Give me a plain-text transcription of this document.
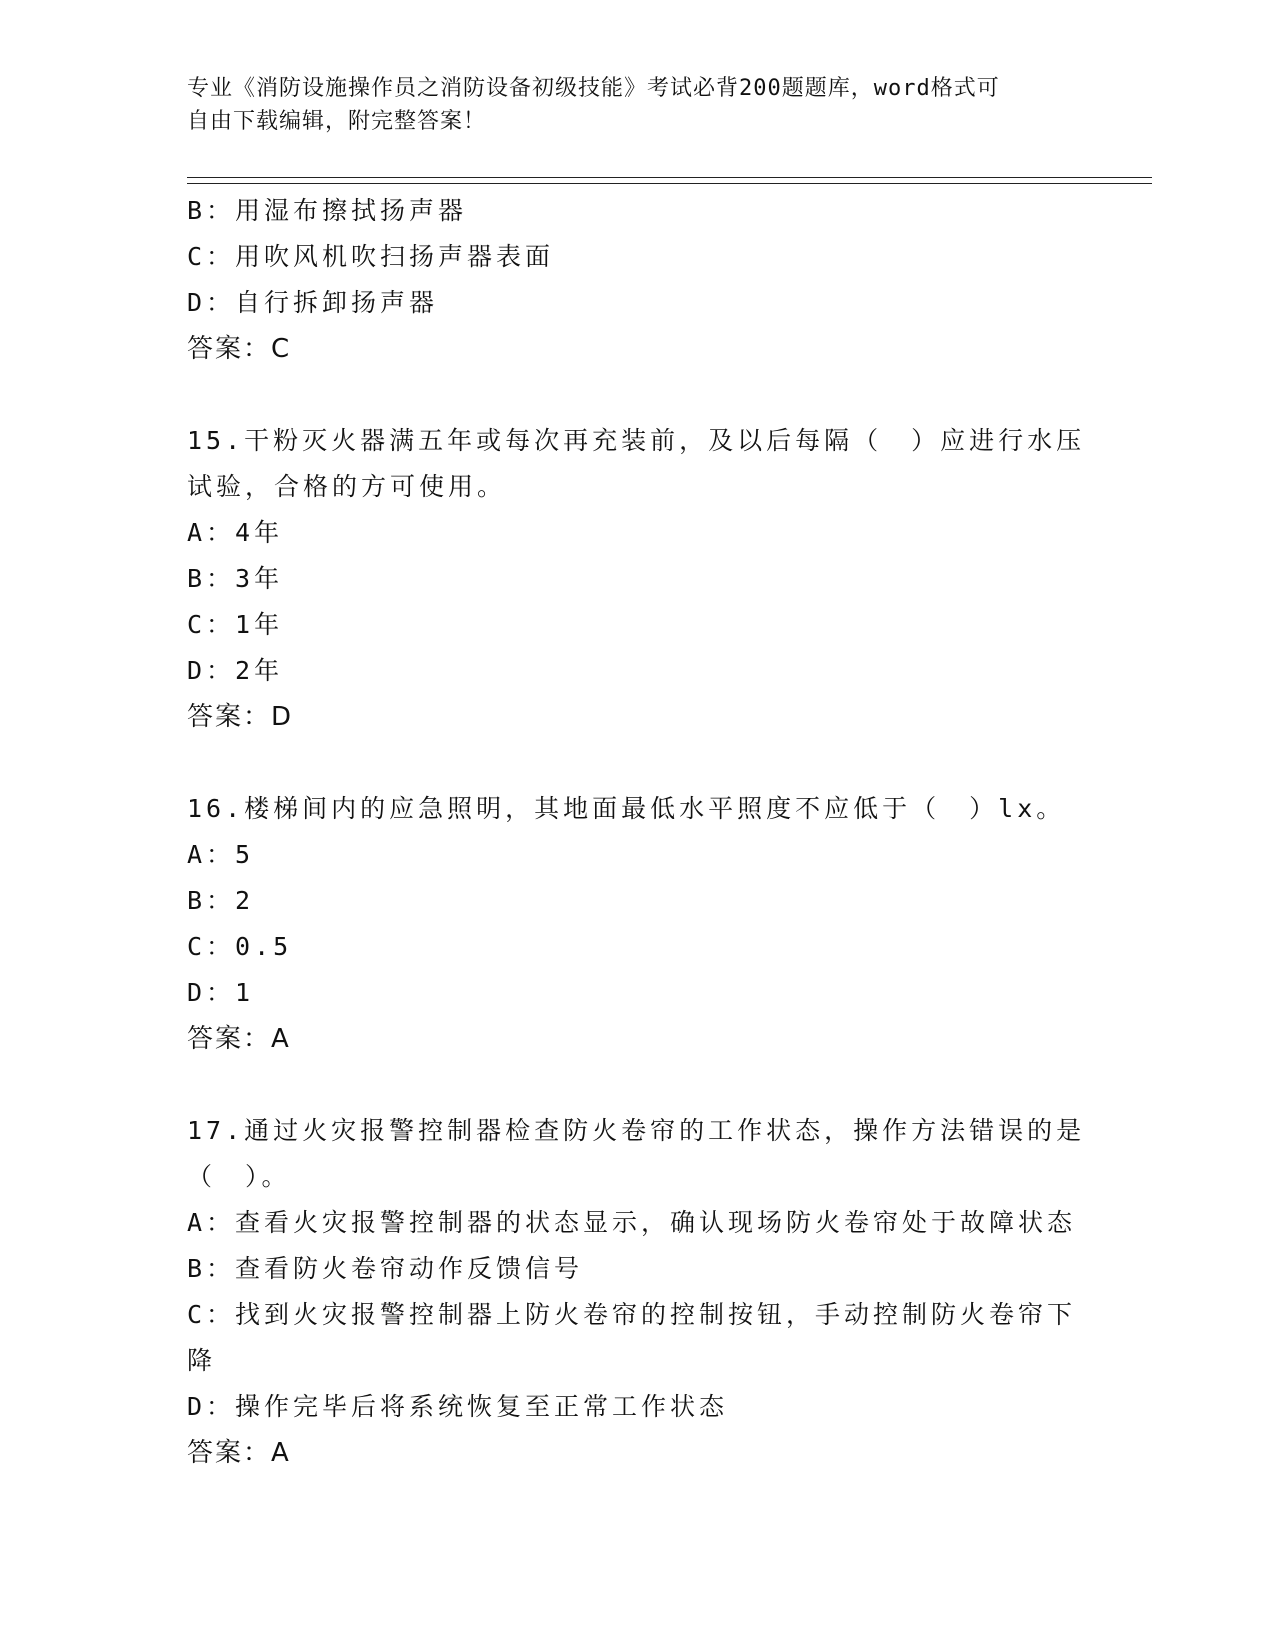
专业《消防设施操作员之消防设备初级技能》考试必背200题题库，word格式可
自由下载编辑，附完整答案！
B：用湿布擦拭扬声器
C：用吹风机吹扫扬声器表面
D：自行拆卸扬声器
答案：C
15.干粉灭火器满五年或每次再充装前，及以后每隔（　）应进行水压
试验，合格的方可使用。
A：4年
B：3年
C：1年
D：2年
答案：D
16.楼梯间内的应急照明，其地面最低水平照度不应低于（　）lx。
A：5
B：2
C：0.5
D：1
答案：A
17.通过火灾报警控制器检查防火卷帘的工作状态，操作方法错误的是
（　）。
A：查看火灾报警控制器的状态显示，确认现场防火卷帘处于故障状态
B：查看防火卷帘动作反馈信号
C：找到火灾报警控制器上防火卷帘的控制按钮，手动控制防火卷帘下
降
D：操作完毕后将系统恢复至正常工作状态
答案：A
